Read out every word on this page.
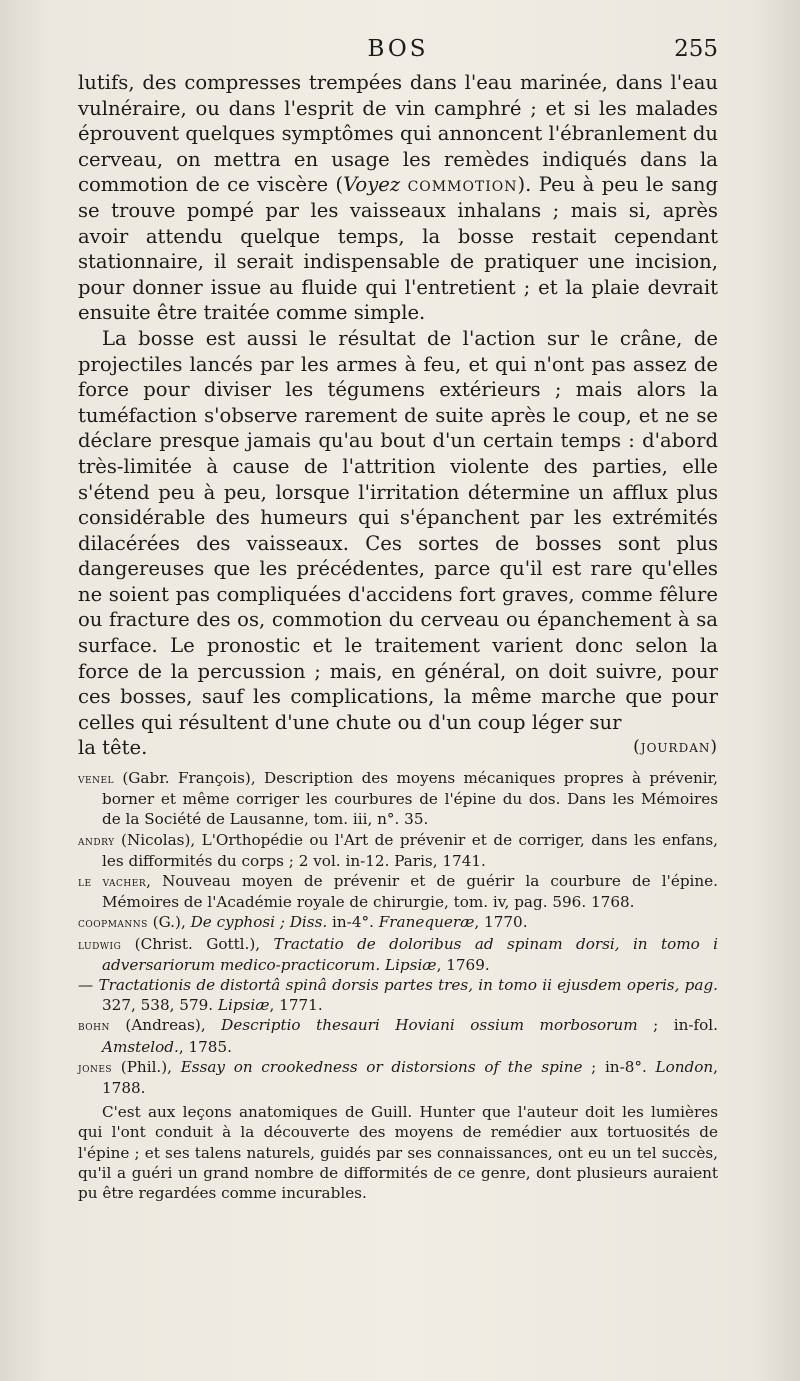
BOS	255

lutifs, des compresses trempées dans l'eau marinée, dans l'eau vulnéraire, ou dans l'esprit de vin camphré ; et si les malades éprouvent quelques symptômes qui annoncent l'ébranlement du cerveau, on mettra en usage les remèdes indiqués dans la commotion de ce viscère (Voyez commotion). Peu à peu le sang se trouve pompé par les vaisseaux inhalans ; mais si, après avoir attendu quelque temps, la bosse restait cependant stationnaire, il serait indispensable de pratiquer une incision, pour donner issue au fluide qui l'entretient ; et la plaie devrait ensuite être traitée comme simple.

La bosse est aussi le résultat de l'action sur le crâne, de projectiles lancés par les armes à feu, et qui n'ont pas assez de force pour diviser les tégumens extérieurs ; mais alors la tuméfaction s'observe rarement de suite après le coup, et ne se déclare presque jamais qu'au bout d'un certain temps : d'abord très-limitée à cause de l'attrition violente des parties, elle s'étend peu à peu, lorsque l'irritation détermine un afflux plus considérable des humeurs qui s'épanchent par les extrémités dilacérées des vaisseaux. Ces sortes de bosses sont plus dangereuses que les précédentes, parce qu'il est rare qu'elles ne soient pas compliquées d'accidens fort graves, comme fêlure ou fracture des os, commotion du cerveau ou épanchement à sa surface. Le pronostic et le traitement varient donc selon la force de la percussion ; mais, en général, on doit suivre, pour ces bosses, sauf les complications, la même marche que pour celles qui résultent d'une chute ou d'un coup léger sur

la tête.	(jourdan)

venel (Gabr. François), Description des moyens mécaniques propres à prévenir, borner et même corriger les courbures de l'épine du dos. Dans les Mémoires de la Société de Lausanne, tom. iii, n°. 35.

andry (Nicolas), L'Orthopédie ou l'Art de prévenir et de corriger, dans les enfans, les difformités du corps ; 2 vol. in-12. Paris, 1741.

le vacher, Nouveau moyen de prévenir et de guérir la courbure de l'épine. Mémoires de l'Académie royale de chirurgie, tom. iv, pag. 596. 1768.

coopmanns (G.), De cyphosi ; Diss. in-4°. Franequeræ, 1770.

ludwig (Christ. Gottl.), Tractatio de doloribus ad spinam dorsi, in tomo i adversariorum medico-practicorum. Lipsiæ, 1769.

— Tractationis de distortâ spinâ dorsis partes tres, in tomo ii ejusdem operis, pag. 327, 538, 579. Lipsiæ, 1771.

bohn (Andreas), Descriptio thesauri Hoviani ossium morbosorum ; in-fol. Amstelod., 1785.

jones (Phil.), Essay on crookedness or distorsions of the spine ; in-8°. London, 1788.

C'est aux leçons anatomiques de Guill. Hunter que l'auteur doit les lumières qui l'ont conduit à la découverte des moyens de remédier aux tortuosités de l'épine ; et ses talens naturels, guidés par ses connaissances, ont eu un tel succès, qu'il a guéri un grand nombre de difformités de ce genre, dont plusieurs auraient pu être regardées comme incurables.
